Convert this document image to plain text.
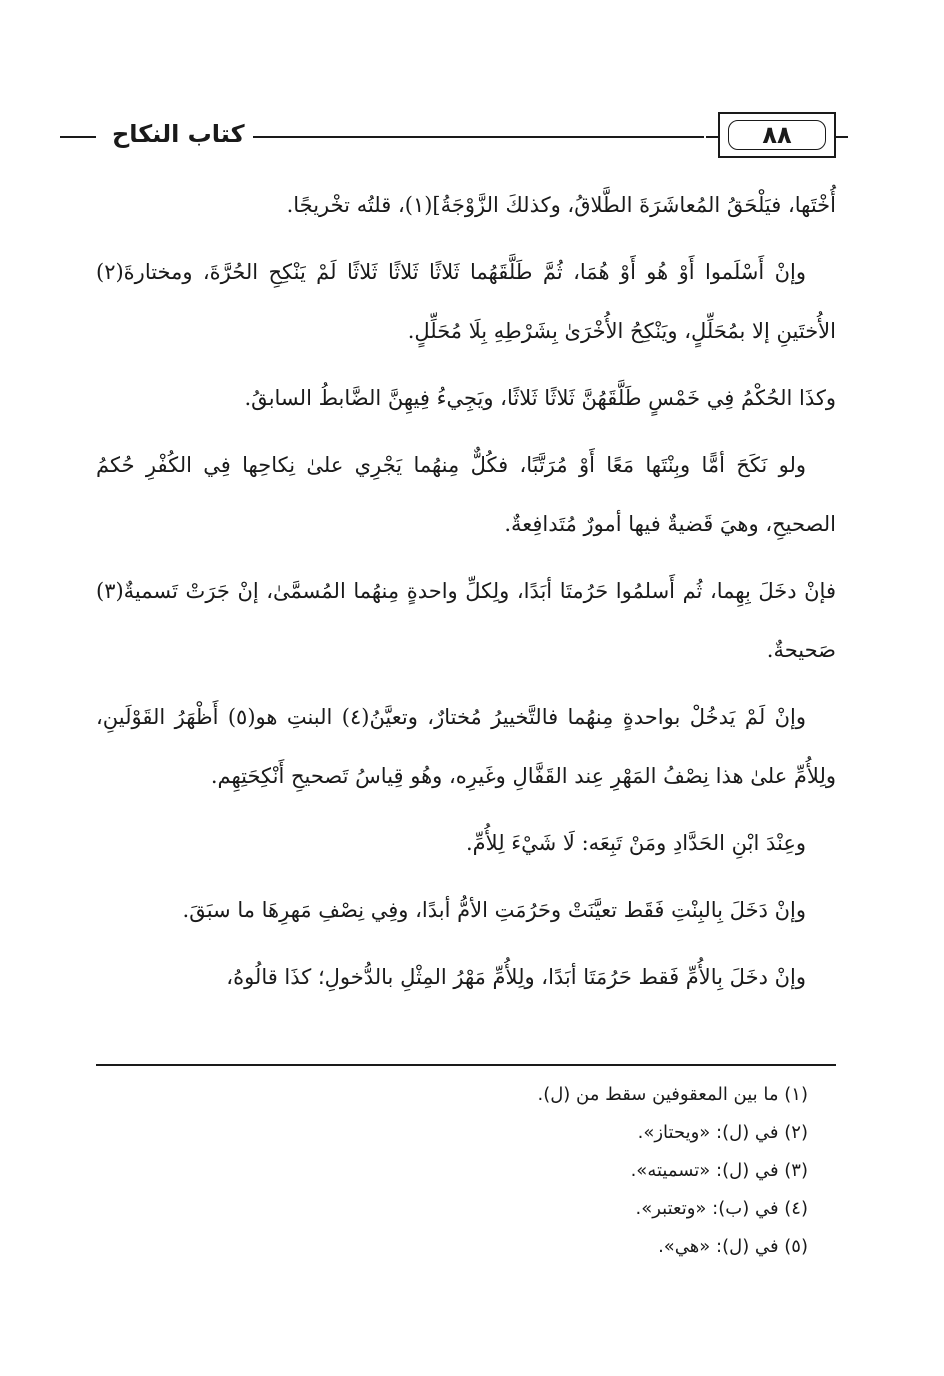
كتاب النكاح	٨٨

أُخْتَها، فيَلْحَقُ المُعاشَرَةَ الطَّلاقُ، وكذلكَ الزَّوْجَةُ](١)، قلتُه تخْريجًا.

وإنْ أَسْلَموا أَوْ هُو أَوْ هُمَا، ثُمَّ طَلَّقَهُما ثَلاثًا ثَلاثًا ثَلاثًا لَمْ يَنْكِحِ الحُرَّةَ، ومختارةَ(٢) الأُختَينِ إلا بمُحَلِّلٍ، ويَنْكِحُ الأُخْرَىٰ بِشَرْطِهِ بِلَا مُحَلِّلٍ.

وكذَا الحُكْمُ فِي خَمْسٍ طَلَّقَهُنَّ ثَلاثًا ثَلاثًا، ويَجِيءُ فِيهِنَّ الضَّابطُ السابقُ.

ولو نَكَحَ أمًّا وبِنْتَها مَعًا أَوْ مُرَتَّبًا، فكُلٌّ مِنهُما يَجْرِي علىٰ نِكاحِها فِي الكُفْرِ حُكمُ الصحيحِ، وهيَ قَضيةٌ فيها أمورٌ مُتَدافِعةٌ.

فإنْ دخَلَ بِهِما، ثُم أَسلمُوا حَرُمتَا أبَدًا، ولِكلِّ واحدةٍ مِنهُما المُسمَّىٰ، إنْ جَرَتْ تَسميةٌ(٣) صَحيحةٌ.

وإنْ لَمْ يَدخُلْ بواحدةٍ مِنهُما فالتَّخييرُ مُختارٌ، وتعيَّنُ(٤) البنتِ هو(٥) أَظْهَرُ القَوْلَينِ، ولِلأُمِّ علىٰ هذا نِصْفُ المَهْرِ عِند القَفَّالِ وغَيرِه، وهُو قِياسُ تَصحيحِ أَنْكِحَتِهِم.

وعِنْدَ ابْنِ الحَدَّادِ ومَنْ تَبِعَه: لَا شَيْءَ لِلأُمِّ.

وإنْ دَخَلَ بِالبِنْتِ فَقَط تعيَّنَتْ وحَرُمَتِ الأمُّ أبدًا، وفِي نِصْفِ مَهرِهَا ما سبَقَ.

وإنْ دخَلَ بِالأُمِّ فَقط حَرُمَتَا أبَدًا، ولِلأُمِّ مَهْرُ المِثْلِ بالدُّخولِ؛ كذَا قالُوهُ،

(١) ما بين المعقوفين سقط من (ل).
(٢) في (ل): «ويحتاز».
(٣) في (ل): «تسميته».
(٤) في (ب): «وتعتبر».
(٥) في (ل): «هي».
